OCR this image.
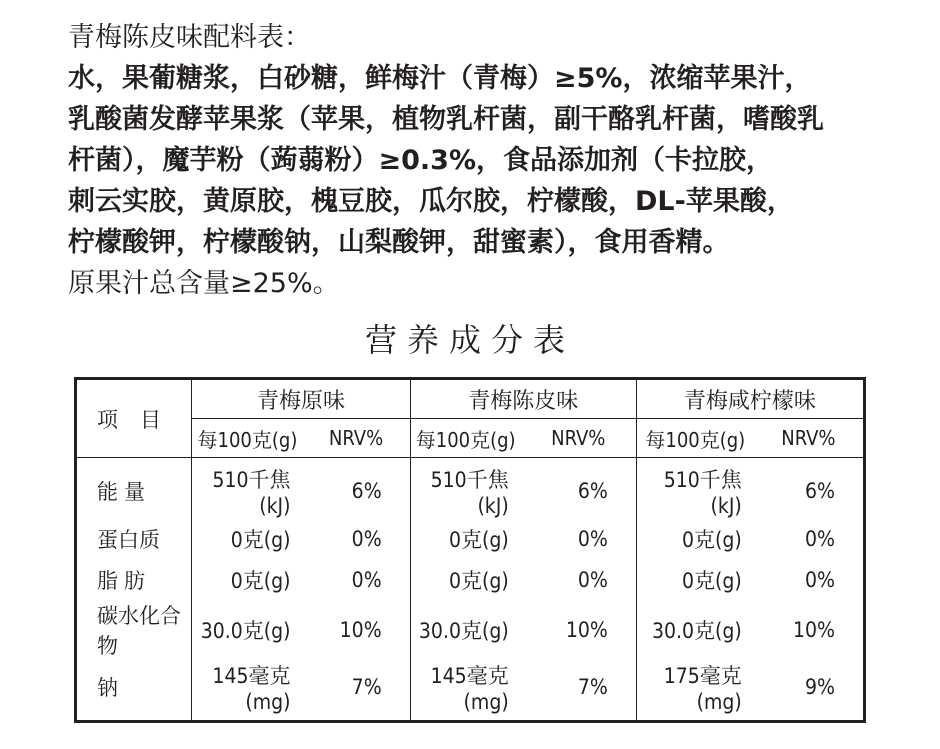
青梅陈皮味配料表：

水，果葡糖浆，白砂糖，鲜梅汁（青梅）≥5%，浓缩苹果汁，
乳酸菌发酵苹果浆（苹果，植物乳杆菌，副干酪乳杆菌，嗜酸乳
杆菌），魔芋粉（蒟蒻粉）≥0.3%，食品添加剂（卡拉胶，
刺云实胶，黄原胶，槐豆胶，瓜尔胶，柠檬酸，DL-苹果酸，
柠檬酸钾，柠檬酸钠，山梨酸钾，甜蜜素），食用香精。

原果汁总含量≥25%。

营养成分表
项 目	青梅原味		青梅陈皮味		青梅咸柠檬味	
	每100克(g)	NRV%	每100克(g)	NRV%	每100克(g)	NRV%
能 量	510千焦(kJ)	6%	510千焦(kJ)	6%	510千焦(kJ)	6%
蛋白质	0克(g)	0%	0克(g)	0%	0克(g)	0%
脂 肪	0克(g)	0%	0克(g)	0%	0克(g)	0%
碳水化合物	30.0克(g)	10%	30.0克(g)	10%	30.0克(g)	10%
钠	145毫克(mg)	7%	145毫克(mg)	7%	175毫克(mg)	9%
